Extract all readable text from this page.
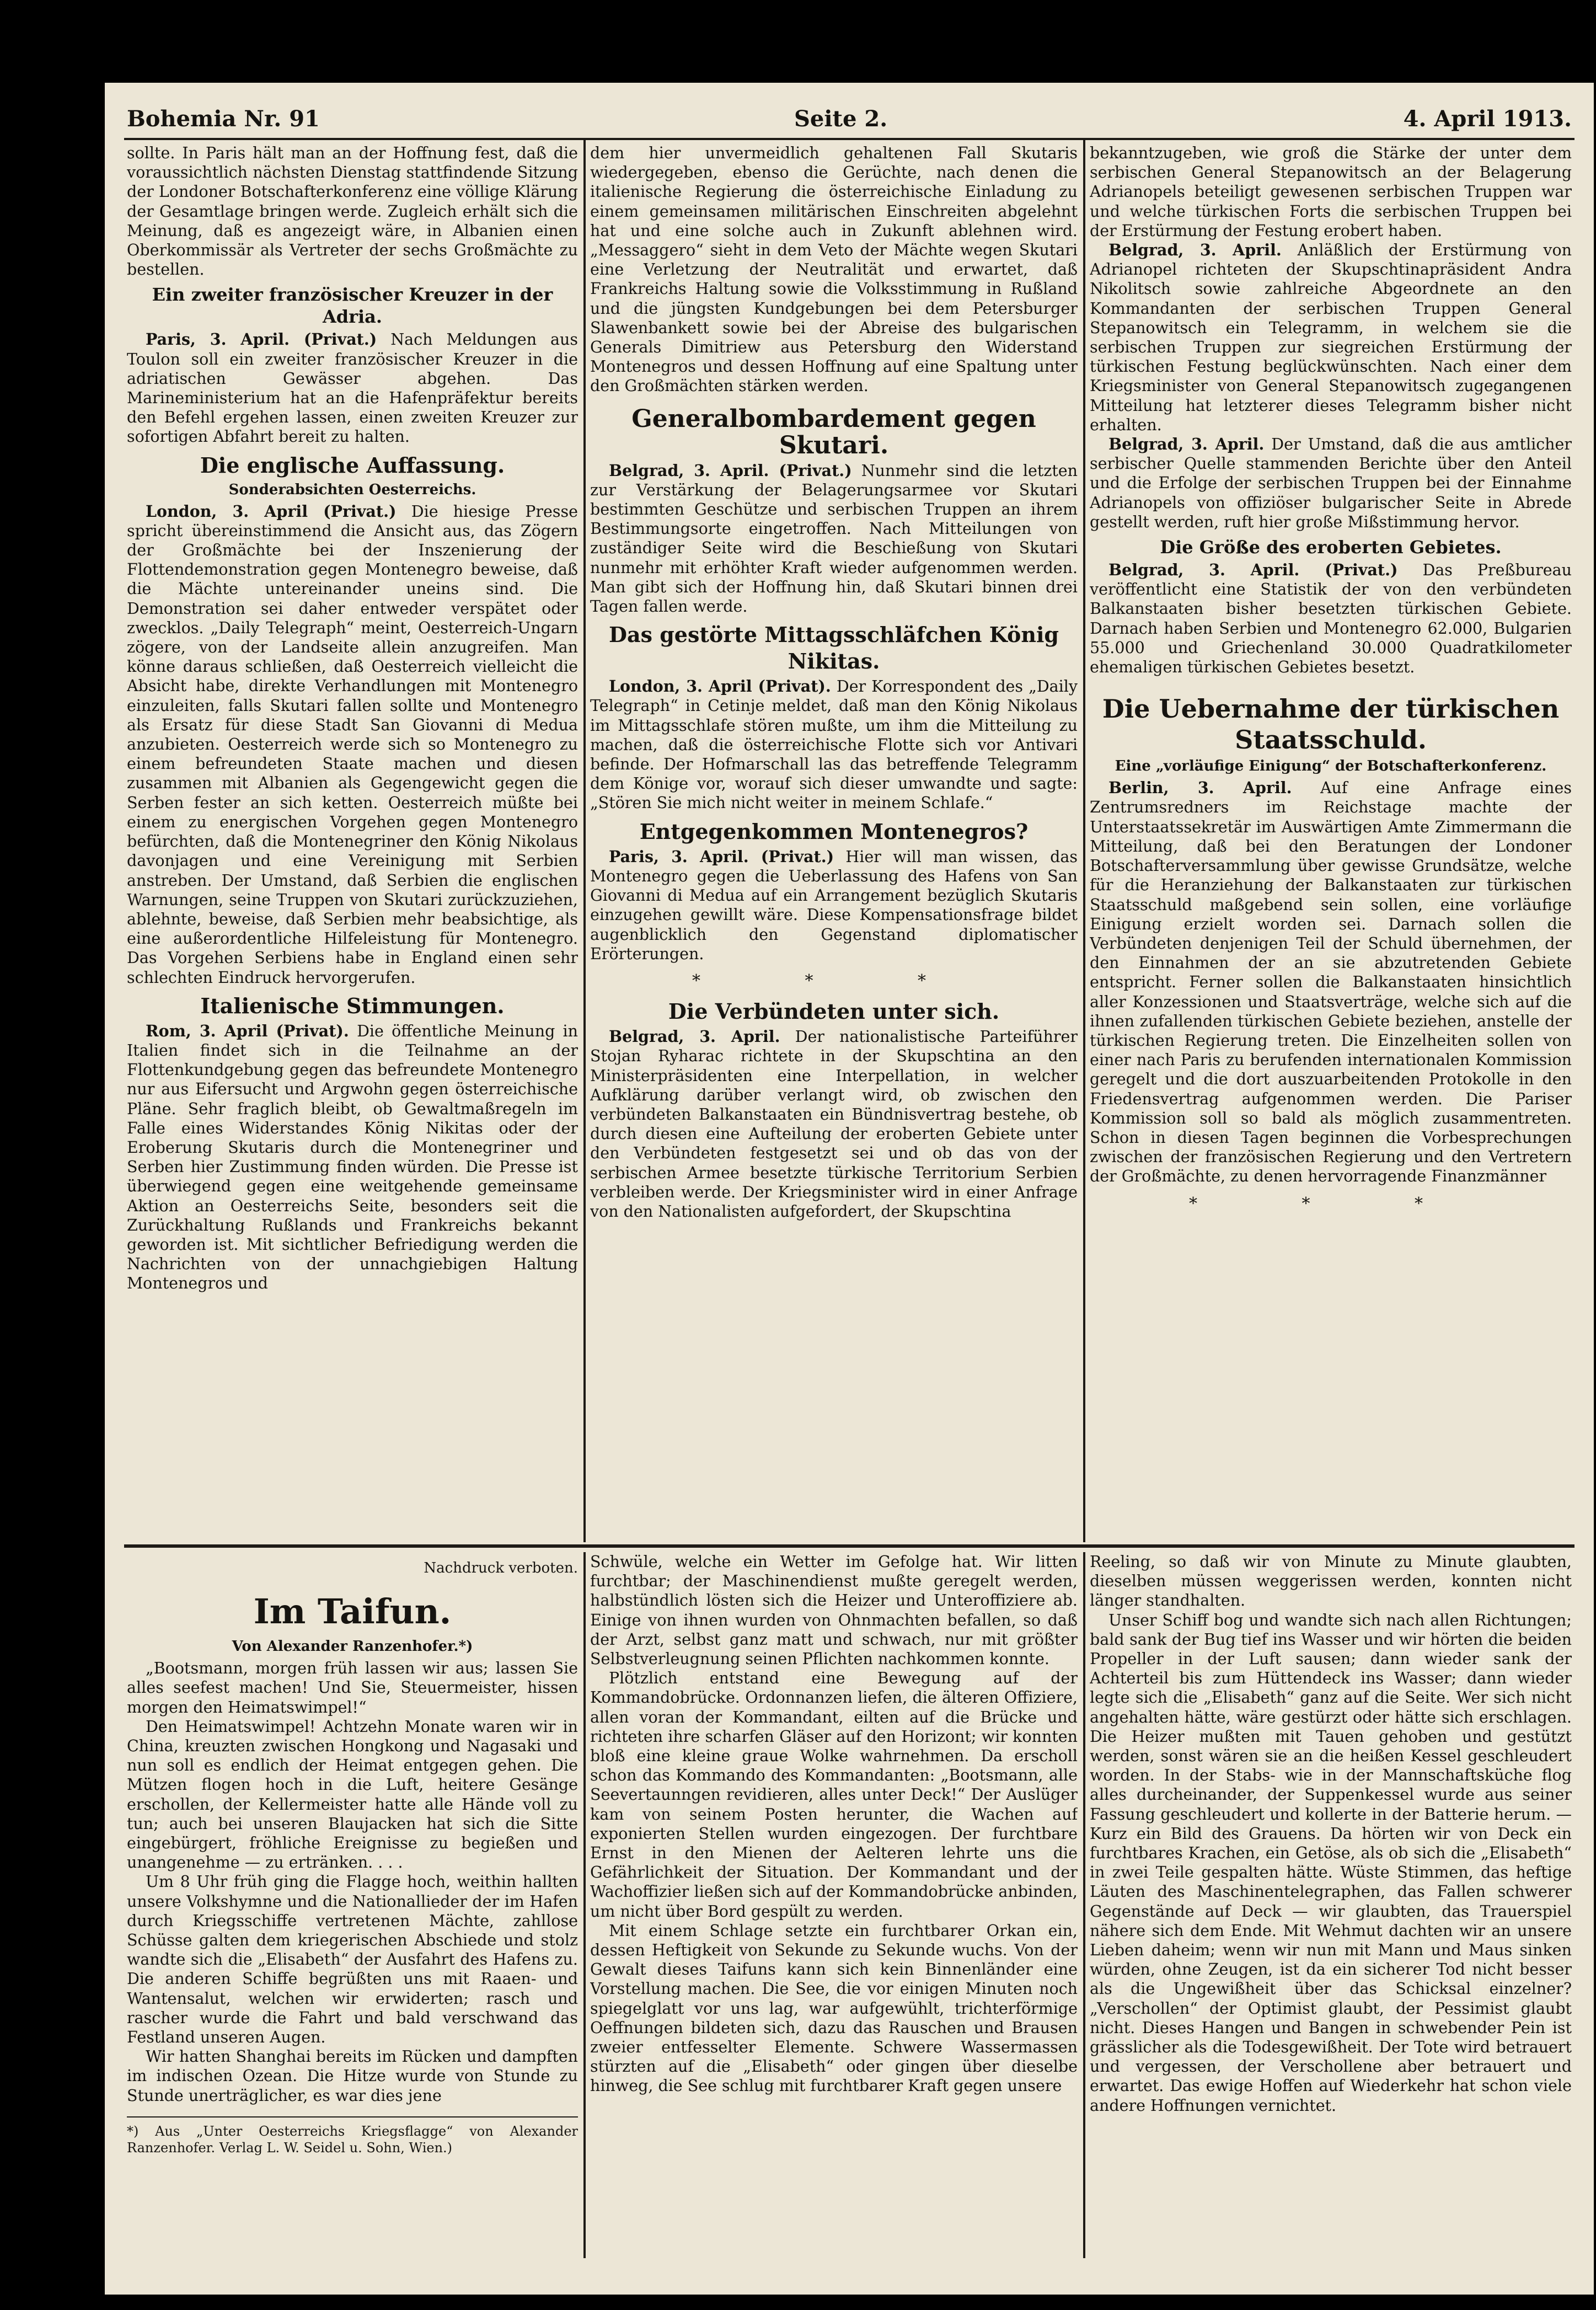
Bohemia Nr. 91	Seite 2.	4. April 1913.

sollte. In Paris hält man an der Hoffnung fest, daß die voraussichtlich nächsten Dienstag stattfindende Sitzung der Londoner Botschafterkonferenz eine völlige Klärung der Gesamtlage bringen werde. Zugleich erhält sich die Meinung, daß es angezeigt wäre, in Albanien einen Oberkommissär als Vertreter der sechs Großmächte zu bestellen.

Ein zweiter französischer Kreuzer in der Adria.

Paris, 3. April. (Privat.) Nach Meldungen aus Toulon soll ein zweiter französischer Kreuzer in die adriatischen Gewässer abgehen. Das Marineministerium hat an die Hafenpräfektur bereits den Befehl ergehen lassen, einen zweiten Kreuzer zur sofortigen Abfahrt bereit zu halten.

Die englische Auffassung.
Sonderabsichten Oesterreichs.

London, 3. April (Privat.) Die hiesige Presse spricht übereinstimmend die Ansicht aus, das Zögern der Großmächte bei der Inszenierung der Flottendemonstration gegen Montenegro beweise, daß die Mächte untereinander uneins sind. Die Demonstration sei daher entweder verspätet oder zwecklos. „Daily Telegraph“ meint, Oesterreich-Ungarn zögere, von der Landseite allein anzugreifen. Man könne daraus schließen, daß Oesterreich vielleicht die Absicht habe, direkte Verhandlungen mit Montenegro einzuleiten, falls Skutari fallen sollte und Montenegro als Ersatz für diese Stadt San Giovanni di Medua anzubieten. Oesterreich werde sich so Montenegro zu einem befreundeten Staate machen und diesen zusammen mit Albanien als Gegengewicht gegen die Serben fester an sich ketten. Oesterreich müßte bei einem zu energischen Vorgehen gegen Montenegro befürchten, daß die Montenegriner den König Nikolaus davonjagen und eine Vereinigung mit Serbien anstreben. Der Umstand, daß Serbien die englischen Warnungen, seine Truppen von Skutari zurückzuziehen, ablehnte, beweise, daß Serbien mehr beabsichtige, als eine außerordentliche Hilfeleistung für Montenegro. Das Vorgehen Serbiens habe in England einen sehr schlechten Eindruck hervorgerufen.

Italienische Stimmungen.

Rom, 3. April (Privat). Die öffentliche Meinung in Italien findet sich in die Teilnahme an der Flottenkundgebung gegen das befreundete Montenegro nur aus Eifersucht und Argwohn gegen österreichische Pläne. Sehr fraglich bleibt, ob Gewaltmaßregeln im Falle eines Widerstandes König Nikitas oder der Eroberung Skutaris durch die Montenegriner und Serben hier Zustimmung finden würden. Die Presse ist überwiegend gegen eine weitgehende gemeinsame Aktion an Oesterreichs Seite, besonders seit die Zurückhaltung Rußlands und Frankreichs bekannt geworden ist. Mit sichtlicher Befriedigung werden die Nachrichten von der unnachgiebigen Haltung Montenegros und

dem hier unvermeidlich gehaltenen Fall Skutaris wiedergegeben, ebenso die Gerüchte, nach denen die italienische Regierung die österreichische Einladung zu einem gemeinsamen militärischen Einschreiten abgelehnt hat und eine solche auch in Zukunft ablehnen wird. „Messaggero“ sieht in dem Veto der Mächte wegen Skutari eine Verletzung der Neutralität und erwartet, daß Frankreichs Haltung sowie die Volksstimmung in Rußland und die jüngsten Kundgebungen bei dem Petersburger Slawenbankett sowie bei der Abreise des bulgarischen Generals Dimitriew aus Petersburg den Widerstand Montenegros und dessen Hoffnung auf eine Spaltung unter den Großmächten stärken werden.

Generalbombardement gegen Skutari.

Belgrad, 3. April. (Privat.) Nunmehr sind die letzten zur Verstärkung der Belagerungsarmee vor Skutari bestimmten Geschütze und serbischen Truppen an ihrem Bestimmungsorte eingetroffen. Nach Mitteilungen von zuständiger Seite wird die Beschießung von Skutari nunmehr mit erhöhter Kraft wieder aufgenommen werden. Man gibt sich der Hoffnung hin, daß Skutari binnen drei Tagen fallen werde.

Das gestörte Mittagsschläfchen König Nikitas.

London, 3. April (Privat). Der Korrespondent des „Daily Telegraph“ in Cetinje meldet, daß man den König Nikolaus im Mittagsschlafe stören mußte, um ihm die Mitteilung zu machen, daß die österreichische Flotte sich vor Antivari befinde. Der Hofmarschall las das betreffende Telegramm dem Könige vor, worauf sich dieser umwandte und sagte: „Stören Sie mich nicht weiter in meinem Schlafe.“

Entgegenkommen Montenegros?

Paris, 3. April. (Privat.) Hier will man wissen, das Montenegro gegen die Ueberlassung des Hafens von San Giovanni di Medua auf ein Arrangement bezüglich Skutaris einzugehen gewillt wäre. Diese Kompensationsfrage bildet augenblicklich den Gegenstand diplomatischer Erörterungen.

* * *
Die Verbündeten unter sich.

Belgrad, 3. April. Der nationalistische Parteiführer Stojan Ryharac richtete in der Skupschtina an den Ministerpräsidenten eine Interpellation, in welcher Aufklärung darüber verlangt wird, ob zwischen den verbündeten Balkanstaaten ein Bündnisvertrag bestehe, ob durch diesen eine Aufteilung der eroberten Gebiete unter den Verbündeten festgesetzt sei und ob das von der serbischen Armee besetzte türkische Territorium Serbien verbleiben werde. Der Kriegsminister wird in einer Anfrage von den Nationalisten aufgefordert, der Skupschtina

bekanntzugeben, wie groß die Stärke der unter dem serbischen General Stepanowitsch an der Belagerung Adrianopels beteiligt gewesenen serbischen Truppen war und welche türkischen Forts die serbischen Truppen bei der Erstürmung der Festung erobert haben.

Belgrad, 3. April. Anläßlich der Erstürmung von Adrianopel richteten der Skupschtinapräsident Andra Nikolitsch sowie zahlreiche Abgeordnete an den Kommandanten der serbischen Truppen General Stepanowitsch ein Telegramm, in welchem sie die serbischen Truppen zur siegreichen Erstürmung der türkischen Festung beglückwünschten. Nach einer dem Kriegsminister von General Stepanowitsch zugegangenen Mitteilung hat letzterer dieses Telegramm bisher nicht erhalten.

Belgrad, 3. April. Der Umstand, daß die aus amtlicher serbischer Quelle stammenden Berichte über den Anteil und die Erfolge der serbischen Truppen bei der Einnahme Adrianopels von offiziöser bulgarischer Seite in Abrede gestellt werden, ruft hier große Mißstimmung hervor.

Die Größe des eroberten Gebietes.

Belgrad, 3. April. (Privat.) Das Preßbureau veröffentlicht eine Statistik der von den verbündeten Balkanstaaten bisher besetzten türkischen Gebiete. Darnach haben Serbien und Montenegro 62.000, Bulgarien 55.000 und Griechenland 30.000 Quadratkilometer ehemaligen türkischen Gebietes besetzt.

Die Uebernahme der türkischen Staatsschuld.
Eine „vorläufige Einigung“ der Botschafterkonferenz.

Berlin, 3. April. Auf eine Anfrage eines Zentrumsredners im Reichstage machte der Unterstaatssekretär im Auswärtigen Amte Zimmermann die Mitteilung, daß bei den Beratungen der Londoner Botschafterversammlung über gewisse Grundsätze, welche für die Heranziehung der Balkanstaaten zur türkischen Staatsschuld maßgebend sein sollen, eine vorläufige Einigung erzielt worden sei. Darnach sollen die Verbündeten denjenigen Teil der Schuld übernehmen, der den Einnahmen der an sie abzutretenden Gebiete entspricht. Ferner sollen die Balkanstaaten hinsichtlich aller Konzessionen und Staatsverträge, welche sich auf die ihnen zufallenden türkischen Gebiete beziehen, anstelle der türkischen Regierung treten. Die Einzelheiten sollen von einer nach Paris zu berufenden internationalen Kommission geregelt und die dort auszuarbeitenden Protokolle in den Friedensvertrag aufgenommen werden. Die Pariser Kommission soll so bald als möglich zusammentreten. Schon in diesen Tagen beginnen die Vorbesprechungen zwischen der französischen Regierung und den Vertretern der Großmächte, zu denen hervorragende Finanzmänner

* * *
Nachdruck verboten.
Im Taifun.
Von Alexander Ranzenhofer.*)

„Bootsmann, morgen früh lassen wir aus; lassen Sie alles seefest machen! Und Sie, Steuermeister, hissen morgen den Heimatswimpel!“

Den Heimatswimpel! Achtzehn Monate waren wir in China, kreuzten zwischen Hongkong und Nagasaki und nun soll es endlich der Heimat entgegen gehen. Die Mützen flogen hoch in die Luft, heitere Gesänge erschollen, der Kellermeister hatte alle Hände voll zu tun; auch bei unseren Blaujacken hat sich die Sitte eingebürgert, fröhliche Ereignisse zu begießen und unangenehme — zu ertränken. . . .

Um 8 Uhr früh ging die Flagge hoch, weithin hallten unsere Volkshymne und die Nationallieder der im Hafen durch Kriegsschiffe vertretenen Mächte, zahllose Schüsse galten dem kriegerischen Abschiede und stolz wandte sich die „Elisabeth“ der Ausfahrt des Hafens zu. Die anderen Schiffe begrüßten uns mit Raaen- und Wantensalut, welchen wir erwiderten; rasch und rascher wurde die Fahrt und bald verschwand das Festland unseren Augen.

Wir hatten Shanghai bereits im Rücken und dampften im indischen Ozean. Die Hitze wurde von Stunde zu Stunde unerträglicher, es war dies jene

*) Aus „Unter Oesterreichs Kriegsflagge“ von Alexander Ranzenhofer. Verlag L. W. Seidel u. Sohn, Wien.)

Schwüle, welche ein Wetter im Gefolge hat. Wir litten furchtbar; der Maschinendienst mußte geregelt werden, halbstündlich lösten sich die Heizer und Unteroffiziere ab. Einige von ihnen wurden von Ohnmachten befallen, so daß der Arzt, selbst ganz matt und schwach, nur mit größter Selbstverleugnung seinen Pflichten nachkommen konnte.

Plötzlich entstand eine Bewegung auf der Kommandobrücke. Ordonnanzen liefen, die älteren Offiziere, allen voran der Kommandant, eilten auf die Brücke und richteten ihre scharfen Gläser auf den Horizont; wir konnten bloß eine kleine graue Wolke wahrnehmen. Da erscholl schon das Kommando des Kommandanten: „Bootsmann, alle Seevertaunngen revidieren, alles unter Deck!“ Der Auslüger kam von seinem Posten herunter, die Wachen auf exponierten Stellen wurden eingezogen. Der furchtbare Ernst in den Mienen der Aelteren lehrte uns die Gefährlichkeit der Situation. Der Kommandant und der Wachoffizier ließen sich auf der Kommandobrücke anbinden, um nicht über Bord gespült zu werden.

Mit einem Schlage setzte ein furchtbarer Orkan ein, dessen Heftigkeit von Sekunde zu Sekunde wuchs. Von der Gewalt dieses Taifuns kann sich kein Binnenländer eine Vorstellung machen. Die See, die vor einigen Minuten noch spiegelglatt vor uns lag, war aufgewühlt, trichterförmige Oeffnungen bildeten sich, dazu das Rauschen und Brausen zweier entfesselter Elemente. Schwere Wassermassen stürzten auf die „Elisabeth“ oder gingen über dieselbe hinweg, die See schlug mit furchtbarer Kraft gegen unsere

Reeling, so daß wir von Minute zu Minute glaubten, dieselben müssen weggerissen werden, konnten nicht länger standhalten.

Unser Schiff bog und wandte sich nach allen Richtungen; bald sank der Bug tief ins Wasser und wir hörten die beiden Propeller in der Luft sausen; dann wieder sank der Achterteil bis zum Hüttendeck ins Wasser; dann wieder legte sich die „Elisabeth“ ganz auf die Seite. Wer sich nicht angehalten hätte, wäre gestürzt oder hätte sich erschlagen. Die Heizer mußten mit Tauen gehoben und gestützt werden, sonst wären sie an die heißen Kessel geschleudert worden. In der Stabs- wie in der Mannschaftsküche flog alles durcheinander, der Suppenkessel wurde aus seiner Fassung geschleudert und kollerte in der Batterie herum. — Kurz ein Bild des Grauens. Da hörten wir von Deck ein furchtbares Krachen, ein Getöse, als ob sich die „Elisabeth“ in zwei Teile gespalten hätte. Wüste Stimmen, das heftige Läuten des Maschinentelegraphen, das Fallen schwerer Gegenstände auf Deck — wir glaubten, das Trauerspiel näherе sich dem Ende. Mit Wehmut dachten wir an unsere Lieben daheim; wenn wir nun mit Mann und Maus sinken würden, ohne Zeugen, ist da ein sicherer Tod nicht besser als die Ungewißheit über das Schicksal einzelner? „Verschollen“ der Optimist glaubt, der Pessimist glaubt nicht. Dieses Hangen und Bangen in schwebender Pein ist grässlicher als die Todesgewißheit. Der Tote wird betrauert und vergessen, der Verschollene aber betrauert und erwartet. Das ewige Hoffen auf Wiederkehr hat schon viele andere Hoffnungen vernichtet.
